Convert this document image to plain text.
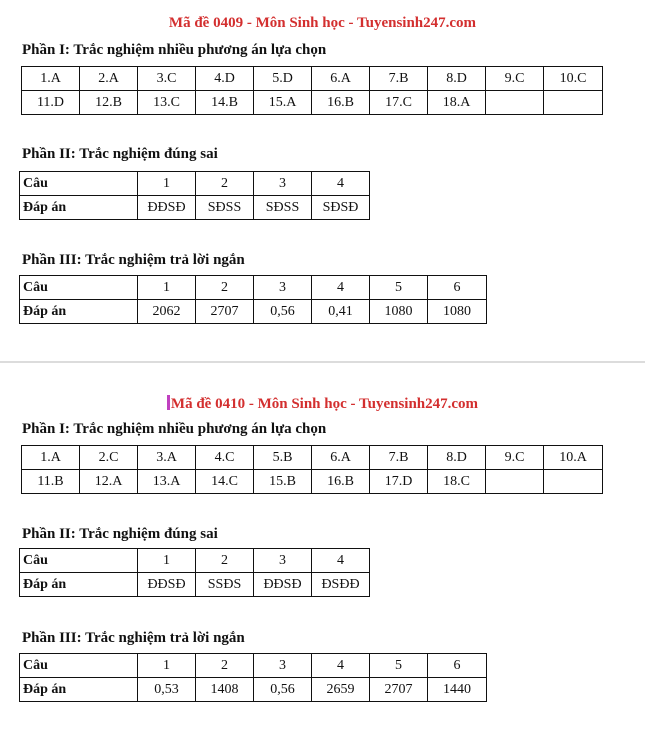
Mã đề 0409 - Môn Sinh học - Tuyensinh247.com
Phần I: Trắc nghiệm nhiều phương án lựa chọn
1.A	2.A	3.C	4.D	5.D	6.A	7.B	8.D	9.C	10.C
11.D	12.B	13.C	14.B	15.A	16.B	17.C	18.A		
Phần II: Trắc nghiệm đúng sai
Câu	1	2	3	4
Đáp án	ĐĐSĐ	SĐSS	SĐSS	SĐSĐ
Phần III: Trắc nghiệm trả lời ngắn
Câu	1	2	3	4	5	6
Đáp án	2062	2707	0,56	0,41	1080	1080
Mã đề 0410 - Môn Sinh học - Tuyensinh247.com
Phần I: Trắc nghiệm nhiều phương án lựa chọn
1.A	2.C	3.A	4.C	5.B	6.A	7.B	8.D	9.C	10.A
11.B	12.A	13.A	14.C	15.B	16.B	17.D	18.C		
Phần II: Trắc nghiệm đúng sai
Câu	1	2	3	4
Đáp án	ĐĐSĐ	SSĐS	ĐĐSĐ	ĐSĐĐ
Phần III: Trắc nghiệm trả lời ngắn
Câu	1	2	3	4	5	6
Đáp án	0,53	1408	0,56	2659	2707	1440
